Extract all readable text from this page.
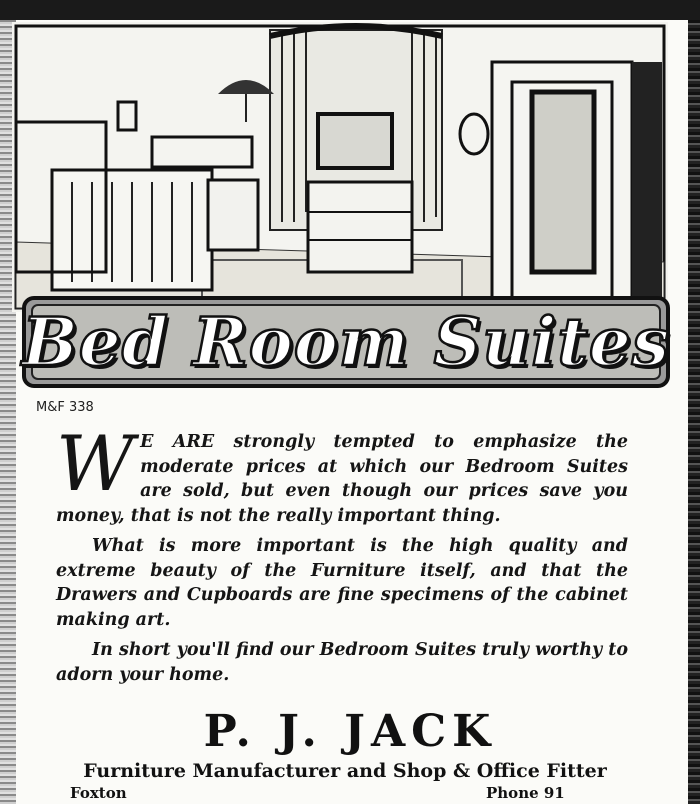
Bed Room Suites
M&F 338

W E ARE strongly tempted to emphasize the moderate prices at which our Bedroom Suites are sold, but even though our prices save you money, that is not the really important thing.

What is more important is the high quality and extreme beauty of the Furniture itself, and that the Drawers and Cupboards are fine specimens of the cabinet making art.

In short you'll find our Bedroom Suites truly worthy to adorn your home.

P. J. JACK
Furniture Manufacturer and Shop & Office Fitter
Foxton	Phone 91
